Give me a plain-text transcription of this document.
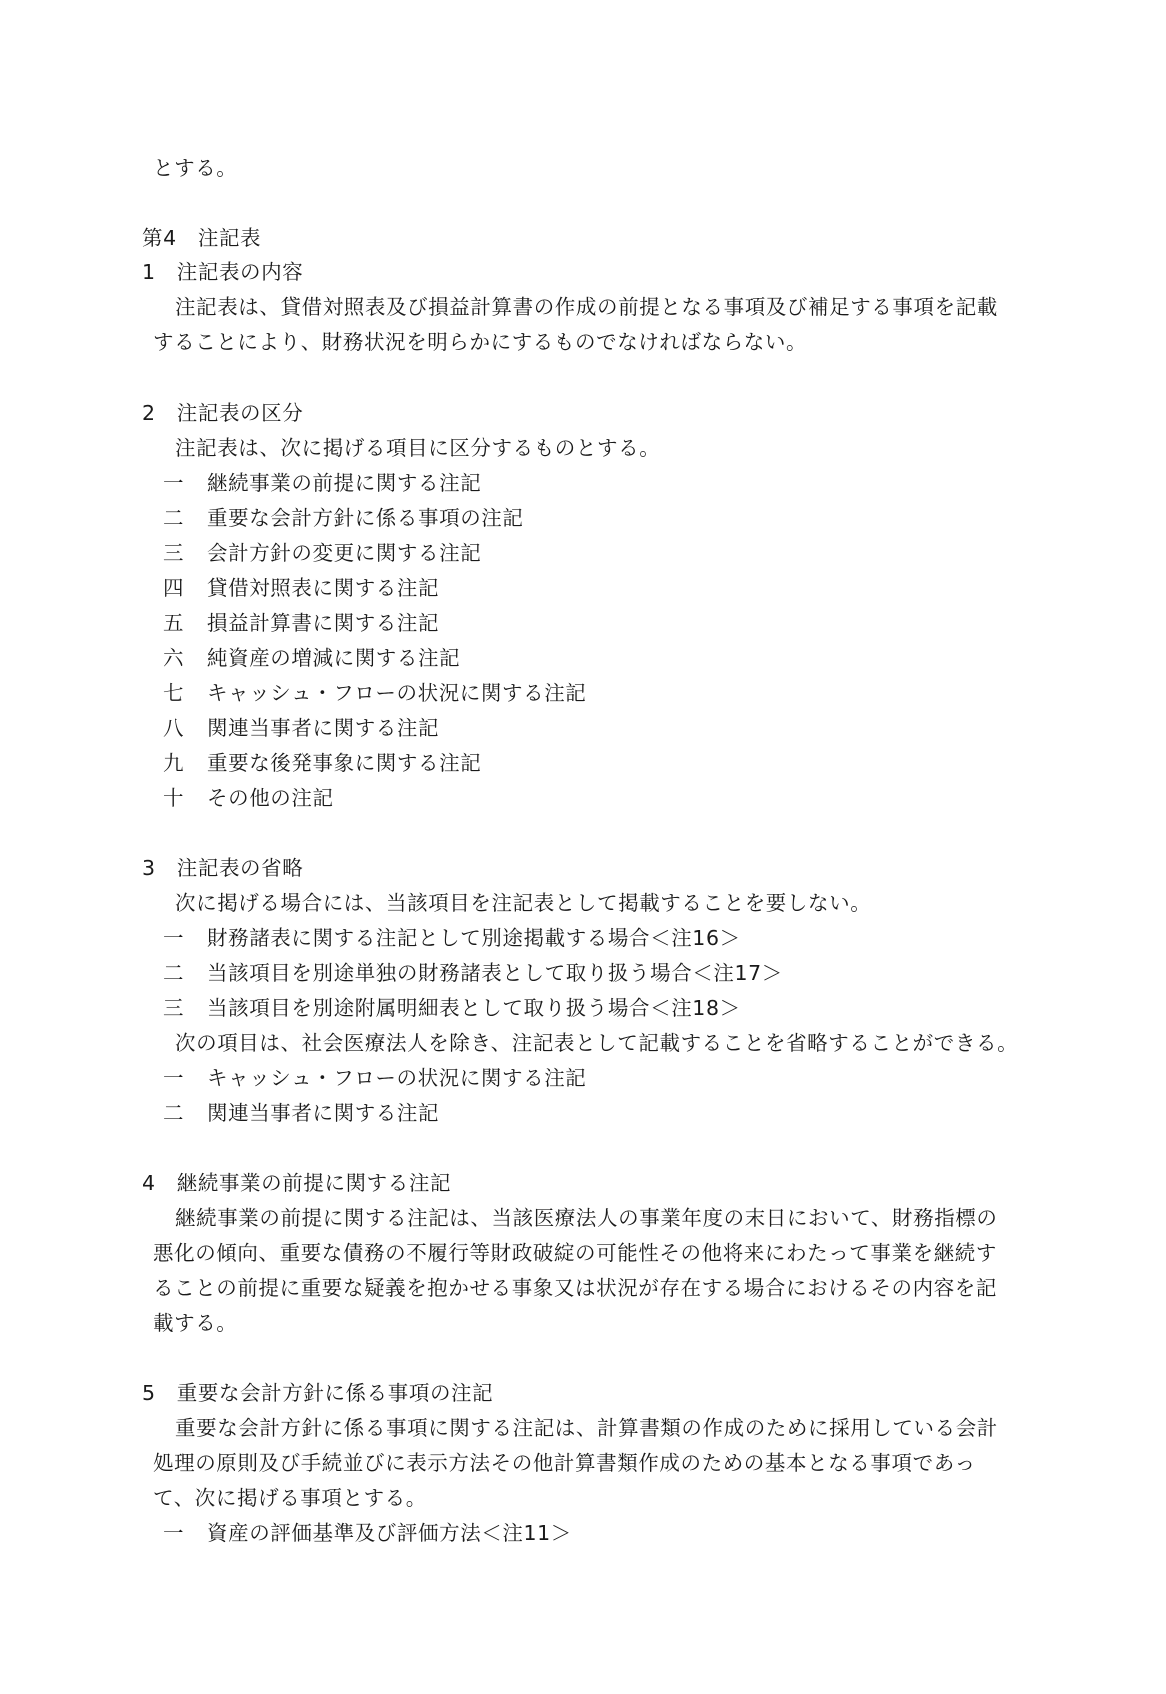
とする。
第4　注記表
1　注記表の内容
注記表は、貸借対照表及び損益計算書の作成の前提となる事項及び補足する事項を記載
することにより、財務状況を明らかにするものでなければならない。
2　注記表の区分
注記表は、次に掲げる項目に区分するものとする。
一 継続事業の前提に関する注記
二 重要な会計方針に係る事項の注記
三 会計方針の変更に関する注記
四 貸借対照表に関する注記
五 損益計算書に関する注記
六 純資産の増減に関する注記
七 キャッシュ・フローの状況に関する注記
八 関連当事者に関する注記
九 重要な後発事象に関する注記
十 その他の注記
3　注記表の省略
次に掲げる場合には、当該項目を注記表として掲載することを要しない。
一 財務諸表に関する注記として別途掲載する場合＜注16＞
二 当該項目を別途単独の財務諸表として取り扱う場合＜注17＞
三 当該項目を別途附属明細表として取り扱う場合＜注18＞
次の項目は、社会医療法人を除き、注記表として記載することを省略することができる。
一 キャッシュ・フローの状況に関する注記
二 関連当事者に関する注記
4　継続事業の前提に関する注記
継続事業の前提に関する注記は、当該医療法人の事業年度の末日において、財務指標の
悪化の傾向、重要な債務の不履行等財政破綻の可能性その他将来にわたって事業を継続す
ることの前提に重要な疑義を抱かせる事象又は状況が存在する場合におけるその内容を記
載する。
5　重要な会計方針に係る事項の注記
重要な会計方針に係る事項に関する注記は、計算書類の作成のために採用している会計
処理の原則及び手続並びに表示方法その他計算書類作成のための基本となる事項であっ
て、次に掲げる事項とする。
一 資産の評価基準及び評価方法＜注11＞
